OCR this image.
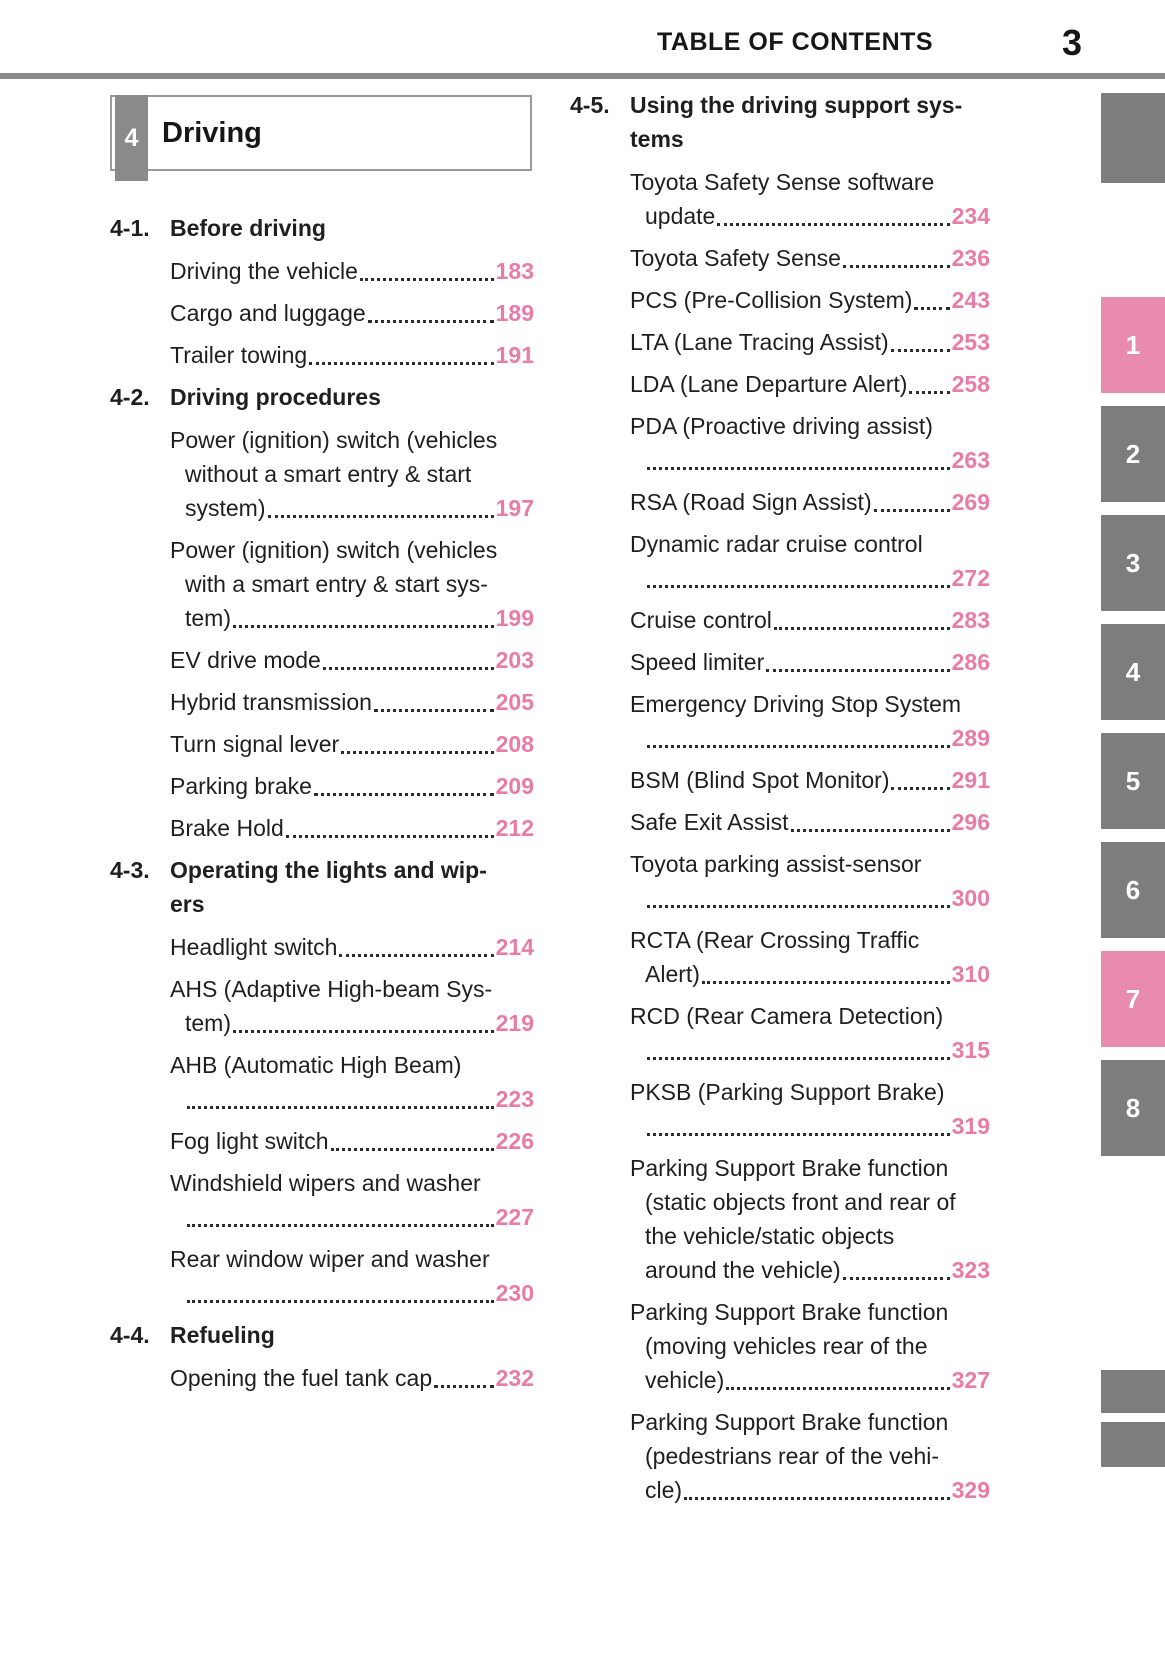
TABLE OF CONTENTS	3
4 Driving
4-1. Before driving
Driving the vehicle	183
Cargo and luggage	189
Trailer towing	191
4-2. Driving procedures
Power (ignition) switch (vehicles
without a smart entry & start
system)	197
Power (ignition) switch (vehicles
with a smart entry & start sys-
tem)	199
EV drive mode	203
Hybrid transmission	205
Turn signal lever	208
Parking brake	209
Brake Hold	212
4-3. Operating the lights and wip-
ers
Headlight switch	214
AHS (Adaptive High-beam Sys-
tem)	219
AHB (Automatic High Beam)
223
Fog light switch	226
Windshield wipers and washer
227
Rear window wiper and washer
230
4-4. Refueling
Opening the fuel tank cap	232
4-5. Using the driving support sys-
tems
Toyota Safety Sense software
update	234
Toyota Safety Sense	236
PCS (Pre-Collision System) 243
LTA (Lane Tracing Assist)	253
LDA (Lane Departure Alert) 258
PDA (Proactive driving assist)
263
RSA (Road Sign Assist)	269
Dynamic radar cruise control
272
Cruise control	283
Speed limiter	286
Emergency Driving Stop System
289
BSM (Blind Spot Monitor)	291
Safe Exit Assist	296
Toyota parking assist-sensor
300
RCTA (Rear Crossing Traffic
Alert)	310
RCD (Rear Camera Detection)
315
PKSB (Parking Support Brake)
319
Parking Support Brake function
(static objects front and rear of
the vehicle/static objects
around the vehicle)	323
Parking Support Brake function
(moving vehicles rear of the
vehicle)	327
Parking Support Brake function
(pedestrians rear of the vehi-
cle)	329
1
2
3
4
5
6
7
8
